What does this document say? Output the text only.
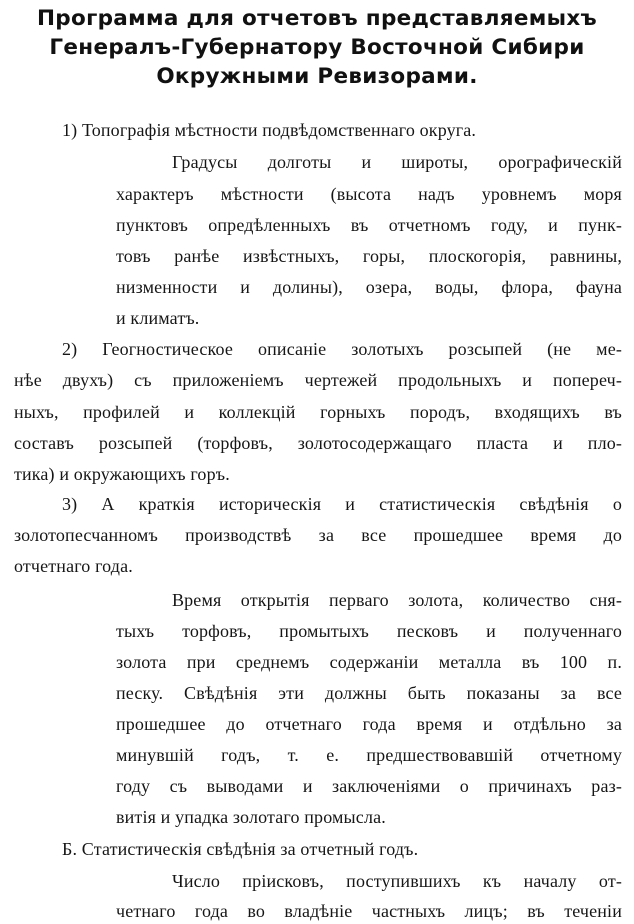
Программа для отчетовъ представляемыхъ
Генералъ-Губернатору Восточной Сибири
Окружными Ревизорами.
1) Топографія мѣстности подвѣдомственнаго округа.
Градусы долготы и широты, орографическій
характеръ мѣстности (высота надъ уровнемъ моря
пунктовъ опредѣленныхъ въ отчетномъ году, и пунк-
товъ ранѣе извѣстныхъ, горы, плоскогорія, равнины,
низменности и долины), озера, воды, флора, фауна
и климатъ.
2) Геогностическое описаніе золотыхъ розсыпей (не ме-
нѣе двухъ) съ приложеніемъ чертежей продольныхъ и попереч-
ныхъ, профилей и коллекцій горныхъ породъ, входящихъ въ
составъ розсыпей (торфовъ, золотосодержащаго пласта и пло-
тика) и окружающихъ горъ.
3) А краткія историческія и статистическія свѣдѣнія о
золотопесчанномъ производствѣ за все прошедшее время до
отчетнаго года.
Время открытія перваго золота, количество сня-
тыхъ торфовъ, промытыхъ песковъ и полученнаго
золота при среднемъ содержаніи металла въ 100 п.
песку. Свѣдѣнія эти должны быть показаны за все
прошедшее до отчетнаго года время и отдѣльно за
минувшій годъ, т. е. предшествовавшій отчетному
году съ выводами и заключеніями о причинахъ раз-
витія и упадка золотаго промысла.
Б. Статистическія свѣдѣнія за отчетный годъ.
Число пріисковъ, поступившихъ къ началу от-
четнаго года во владѣніе частныхъ лицъ; въ теченіи
